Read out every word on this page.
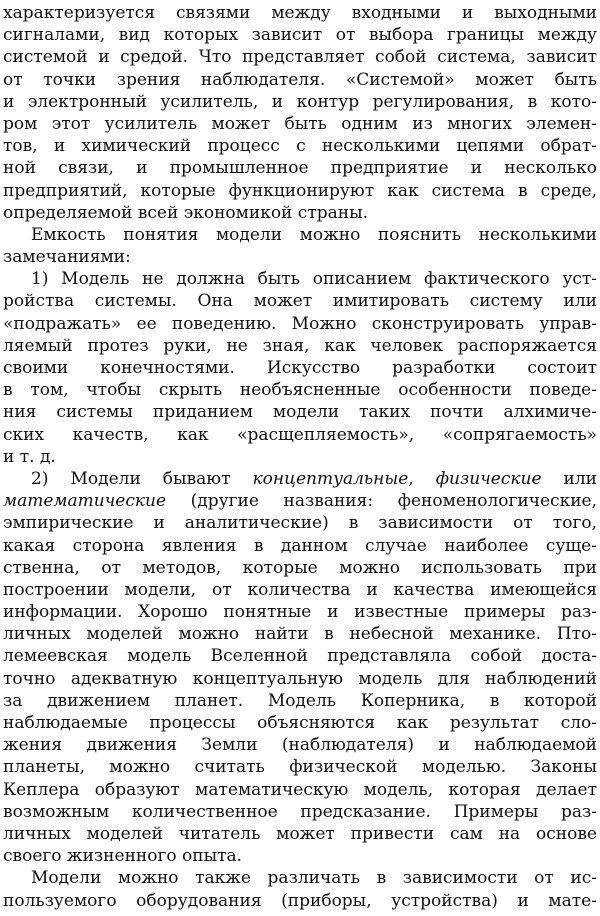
характеризуется связями между входными и выходными
сигналами, вид которых зависит от выбора границы между
системой и средой. Что представляет собой система, зависит
от точки зрения наблюдателя. «Системой» может быть
и электронный усилитель, и контур регулирования, в кото-
ром этот усилитель может быть одним из многих элемен-
тов, и химический процесс с несколькими цепями обрат-
ной связи, и промышленное предприятие и несколько
предприятий, которые функционируют как система в среде,
определяемой всей экономикой страны.
Емкость понятия модели можно пояснить несколькими
замечаниями:
1) Модель не должна быть описанием фактического уст-
ройства системы. Она может имитировать систему или
«подражать» ее поведению. Можно сконструировать управ-
ляемый протез руки, не зная, как человек распоряжается
своими конечностями. Искусство разработки состоит
в том, чтобы скрыть необъясненные особенности поведе-
ния системы приданием модели таких почти алхимиче-
ских качеств, как «расщепляемость», «сопрягаемость»
и т. д.
2) Модели бывают концептуальные, физические или
математические (другие названия: феноменологические,
эмпирические и аналитические) в зависимости от того,
какая сторона явления в данном случае наиболее суще-
ственна, от методов, которые можно использовать при
построении модели, от количества и качества имеющейся
информации. Хорошо понятные и известные примеры раз-
личных моделей можно найти в небесной механике. Пто-
лемеевская модель Вселенной представляла собой доста-
точно адекватную концептуальную модель для наблюдений
за движением планет. Модель Коперника, в которой
наблюдаемые процессы объясняются как результат сло-
жения движения Земли (наблюдателя) и наблюдаемой
планеты, можно считать физической моделью. Законы
Кеплера образуют математическую модель, которая делает
возможным количественное предсказание. Примеры раз-
личных моделей читатель может привести сам на основе
своего жизненного опыта.
Модели можно также различать в зависимости от ис-
пользуемого оборудования (приборы, устройства) и мате-
